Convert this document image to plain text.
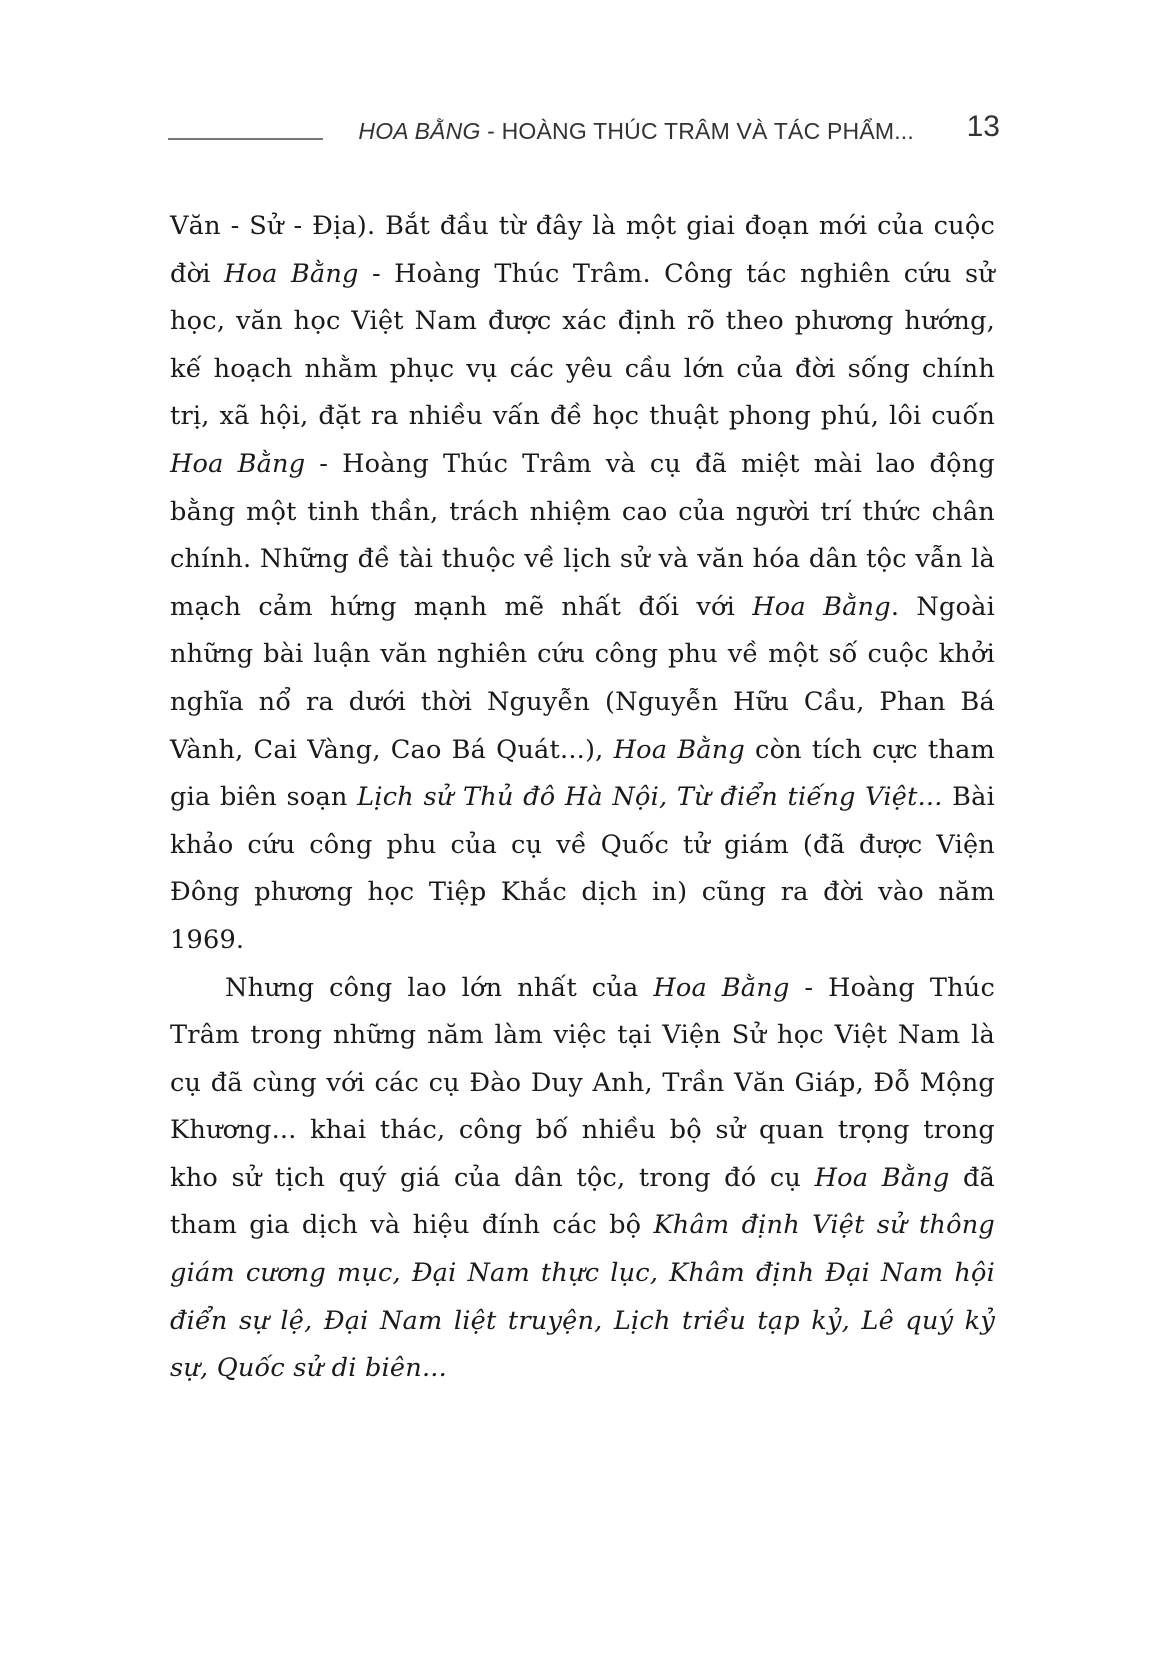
HOA BẰNG - HOÀNG THÚC TRÂM VÀ TÁC PHẨM... 13

Văn - Sử - Địa). Bắt đầu từ đây là một giai đoạn mới của cuộc đời Hoa Bằng - Hoàng Thúc Trâm. Công tác nghiên cứu sử học, văn học Việt Nam được xác định rõ theo phương hướng, kế hoạch nhằm phục vụ các yêu cầu lớn của đời sống chính trị, xã hội, đặt ra nhiều vấn đề học thuật phong phú, lôi cuốn Hoa Bằng - Hoàng Thúc Trâm và cụ đã miệt mài lao động bằng một tinh thần, trách nhiệm cao của người trí thức chân chính. Những đề tài thuộc về lịch sử và văn hóa dân tộc vẫn là mạch cảm hứng mạnh mẽ nhất đối với Hoa Bằng. Ngoài những bài luận văn nghiên cứu công phu về một số cuộc khởi nghĩa nổ ra dưới thời Nguyễn (Nguyễn Hữu Cầu, Phan Bá Vành, Cai Vàng, Cao Bá Quát...), Hoa Bằng còn tích cực tham gia biên soạn Lịch sử Thủ đô Hà Nội, Từ điển tiếng Việt... Bài khảo cứu công phu của cụ về Quốc tử giám (đã được Viện Đông phương học Tiệp Khắc dịch in) cũng ra đời vào năm 1969.

Nhưng công lao lớn nhất của Hoa Bằng - Hoàng Thúc Trâm trong những năm làm việc tại Viện Sử học Việt Nam là cụ đã cùng với các cụ Đào Duy Anh, Trần Văn Giáp, Đỗ Mộng Khương... khai thác, công bố nhiều bộ sử quan trọng trong kho sử tịch quý giá của dân tộc, trong đó cụ Hoa Bằng đã tham gia dịch và hiệu đính các bộ Khâm định Việt sử thông giám cương mục, Đại Nam thực lục, Khâm định Đại Nam hội điển sự lệ, Đại Nam liệt truyện, Lịch triều tạp kỷ, Lê quý kỷ sự, Quốc sử di biên...
